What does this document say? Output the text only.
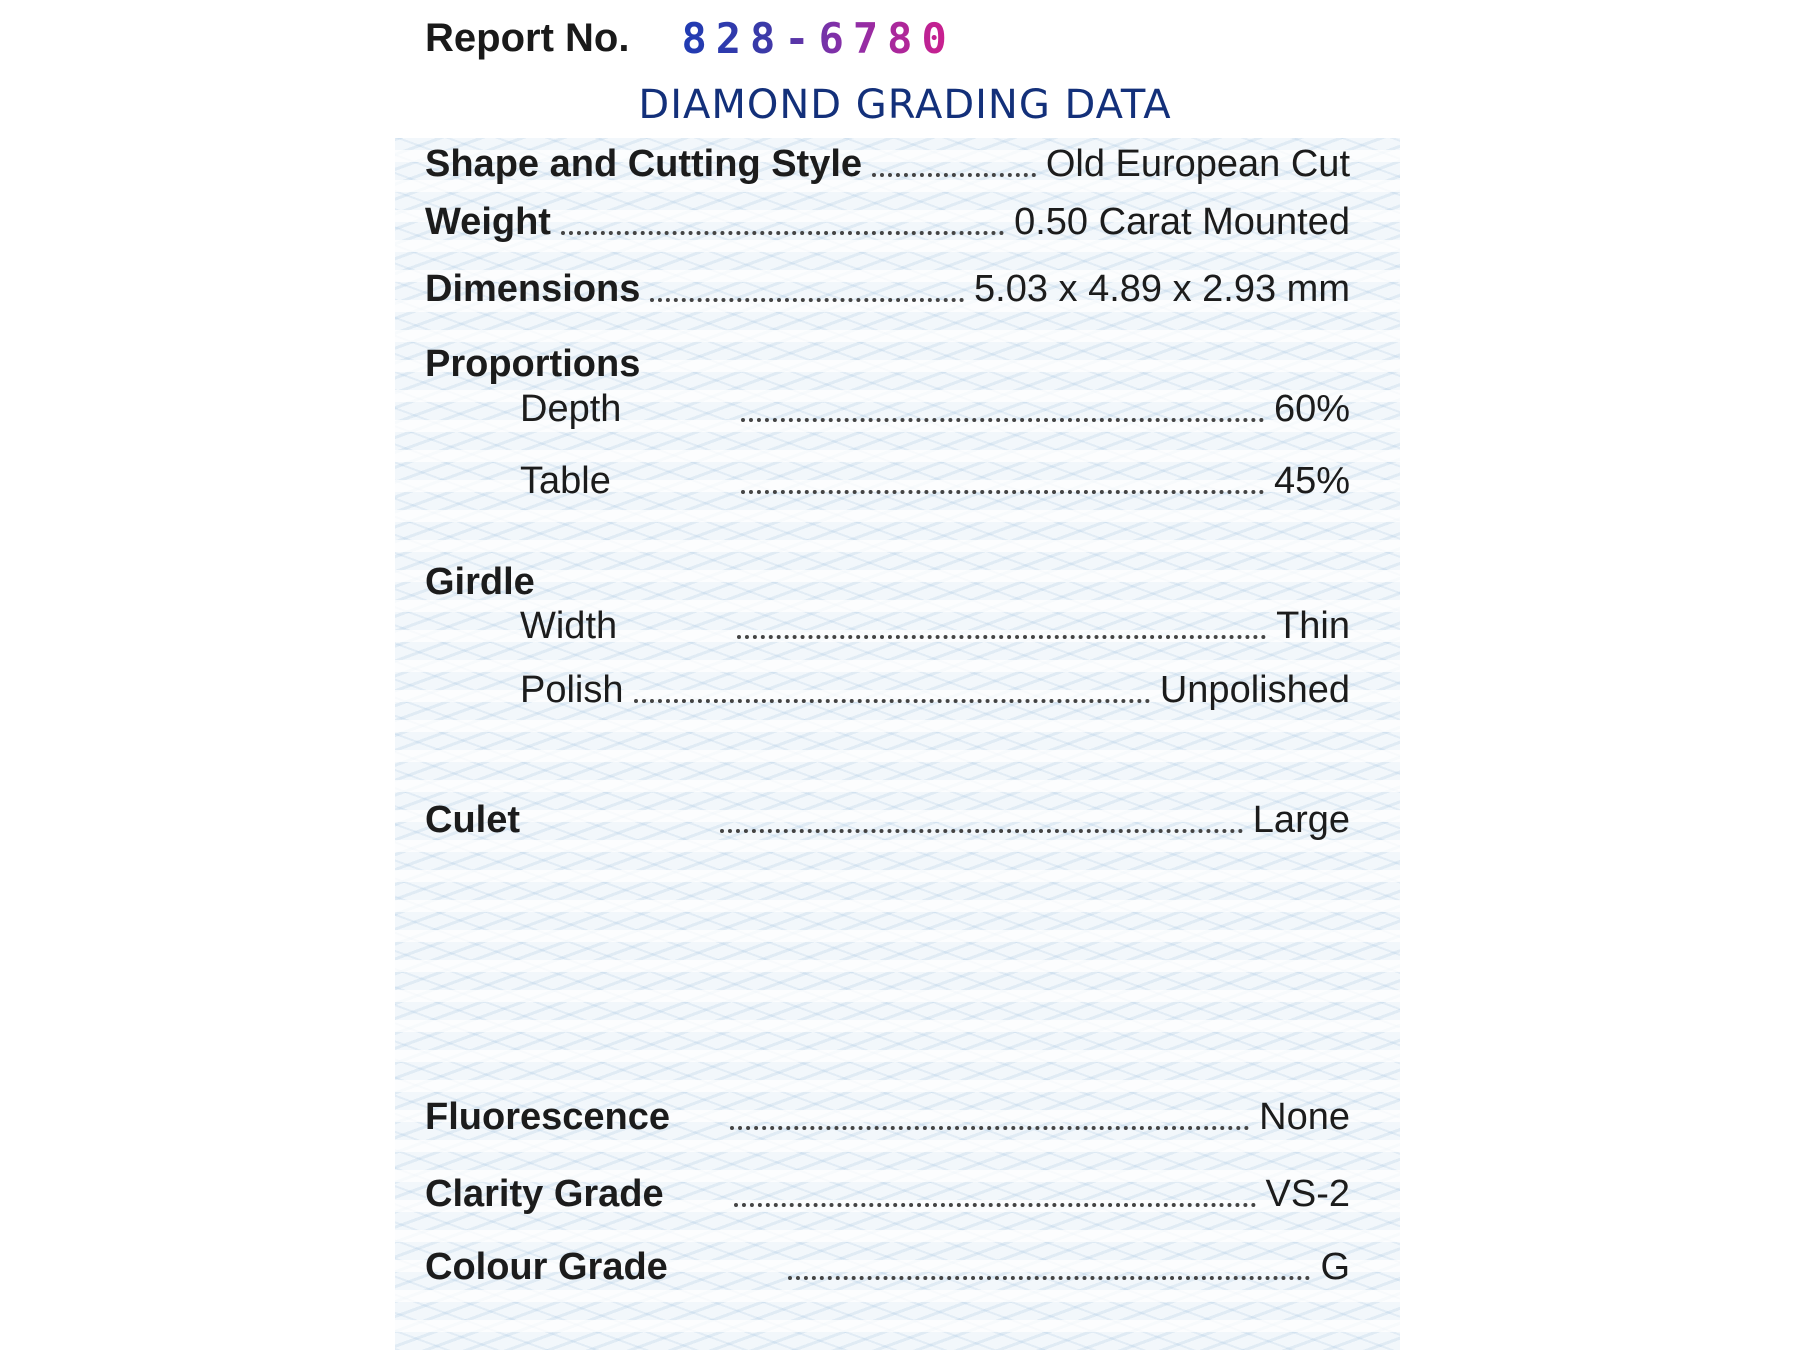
Report No. 828-6780
DIAMOND GRADING DATA
Shape and Cutting Style	Old European Cut
Weight	0.50 Carat Mounted
Dimensions	5.03 x 4.89 x 2.93 mm
Proportions
Depth	60%
Table	45%
Girdle
Width	Thin
Polish	Unpolished
Culet	Large
Fluorescence	None
Clarity Grade	VS-2
Colour Grade	G
